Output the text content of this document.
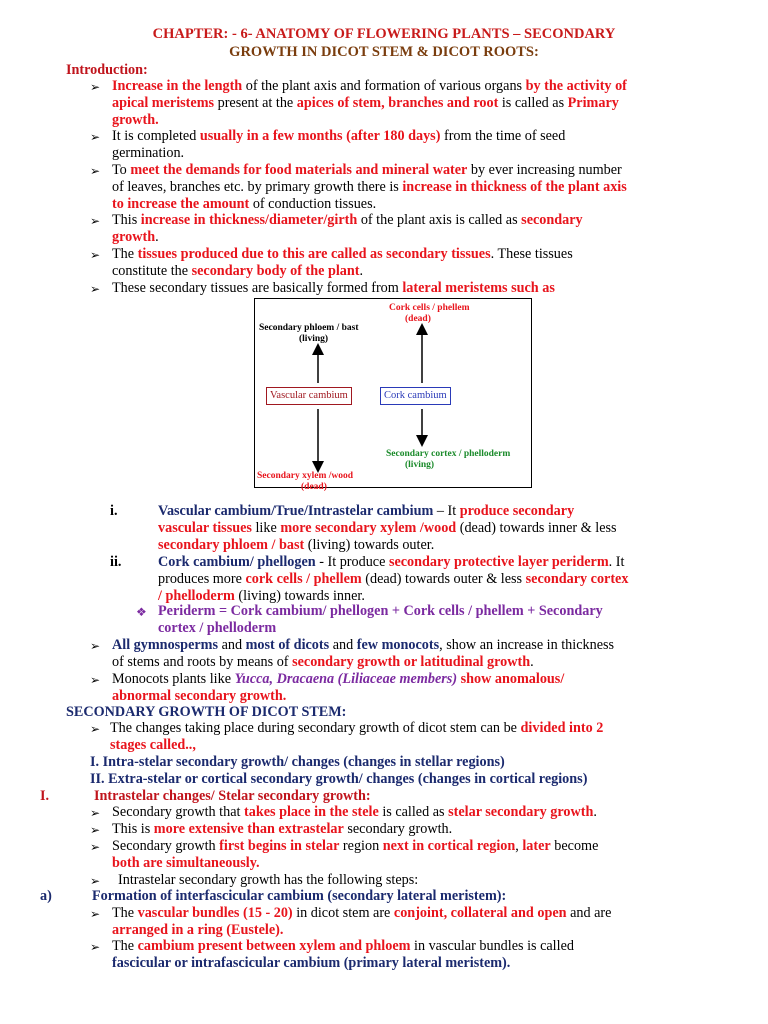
CHAPTER: - 6- ANATOMY OF FLOWERING PLANTS – SECONDARY
GROWTH IN DICOT STEM & DICOT ROOTS:
Introduction:
➢ Increase in the length of the plant axis and formation of various organs by the activity of
apical meristems present at the apices of stem, branches and root is called as Primary
growth.
➢ It is completed usually in a few months (after 180 days) from the time of seed
germination.
➢ To meet the demands for food materials and mineral water by ever increasing number
of leaves, branches etc. by primary growth there is increase in thickness of the plant axis
to increase the amount of conduction tissues.
➢ This increase in thickness/diameter/girth of the plant axis is called as secondary
growth.
➢ The tissues produced due to this are called as secondary tissues. These tissues
constitute the secondary body of the plant.
➢ These secondary tissues are basically formed from lateral meristems such as
Secondary phloem / bast
(living)
Vascular cambium
Secondary xylem /wood
(dead)
Cork cells / phellem
(dead)
Cork cambium
Secondary cortex / phelloderm
(living)
i.	Vascular cambium/True/Intrastelar cambium – It produce secondary
vascular tissues like more secondary xylem /wood (dead) towards inner & less
secondary phloem / bast (living) towards outer.
ii.	Cork cambium/ phellogen - It produce secondary protective layer periderm. It
produces more cork cells / phellem (dead) towards outer & less secondary cortex
/ phelloderm (living) towards inner.
❖ Periderm = Cork cambium/ phellogen + Cork cells / phellem + Secondary
cortex / phelloderm
➢ All gymnosperms and most of dicots and few monocots, show an increase in thickness
of stems and roots by means of secondary growth or latitudinal growth.
➢ Monocots plants like Yucca, Dracaena (Liliaceae members) show anomalous/
abnormal secondary growth.
SECONDARY GROWTH OF DICOT STEM:
➢ The changes taking place during secondary growth of dicot stem can be divided into 2
stages called..,
I. Intra-stelar secondary growth/ changes (changes in stellar regions)
II. Extra-stelar or cortical secondary growth/ changes (changes in cortical regions)
I.	Intrastelar changes/ Stelar secondary growth:
➢ Secondary growth that takes place in the stele is called as stelar secondary growth.
➢ This is more extensive than extrastelar secondary growth.
➢ Secondary growth first begins in stelar region next in cortical region, later become
both are simultaneously.
➢ Intrastelar secondary growth has the following steps:
a)	Formation of interfascicular cambium (secondary lateral meristem):
➢ The vascular bundles (15 - 20) in dicot stem are conjoint, collateral and open and are
arranged in a ring (Eustele).
➢ The cambium present between xylem and phloem in vascular bundles is called
fascicular or intrafascicular cambium (primary lateral meristem).
